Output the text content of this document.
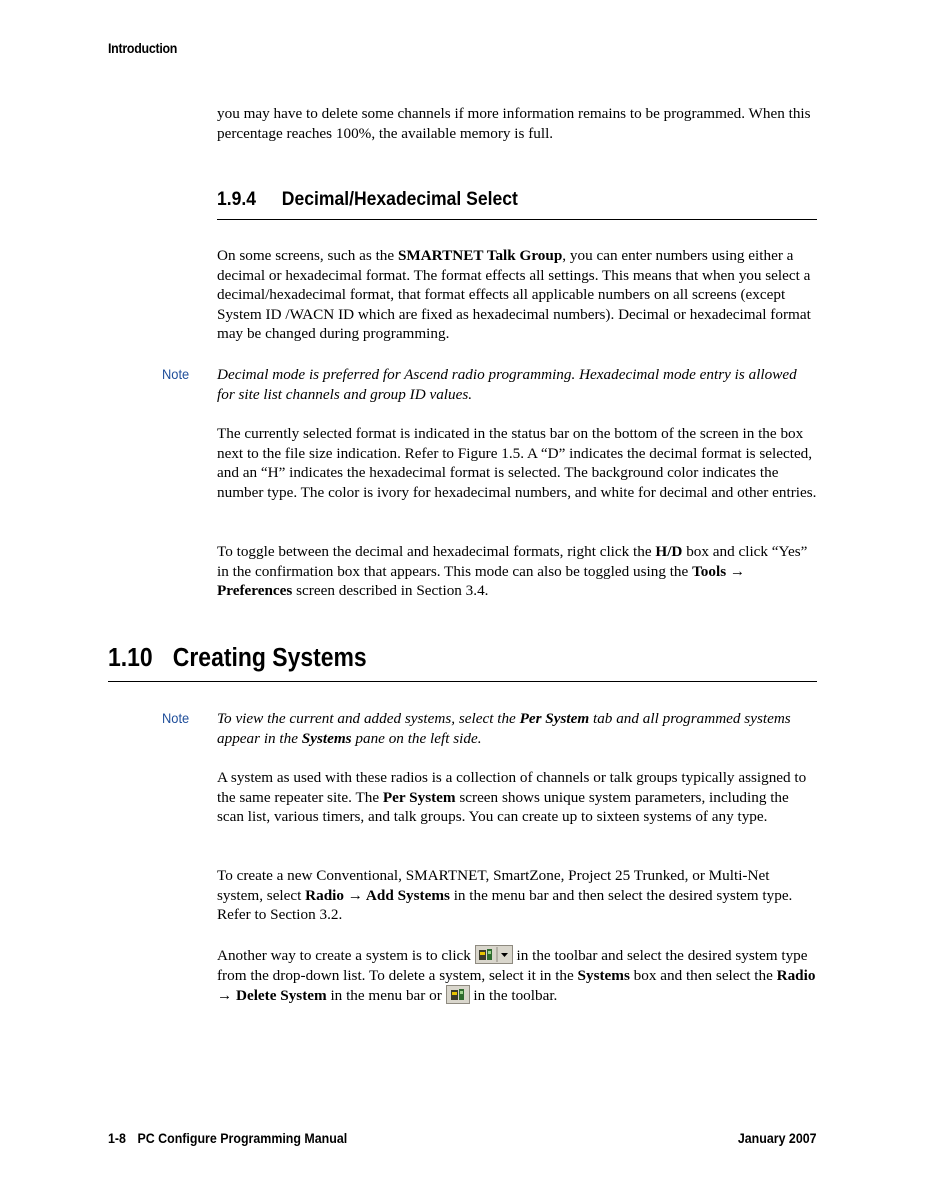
Introduction
you may have to delete some channels if more information remains to be programmed. When this percentage reaches 100%, the available memory is full.
1.9.4 Decimal/Hexadecimal Select
On some screens, such as the SMARTNET Talk Group, you can enter numbers using either a decimal or hexadecimal format. The format effects all settings. This means that when you select a decimal/hexadecimal format, that format effects all applicable numbers on all screens (except System ID /WACN ID which are fixed as hexadecimal numbers). Decimal or hexadecimal format may be changed during programming.
Note Decimal mode is preferred for Ascend radio programming. Hexadecimal mode entry is allowed for site list channels and group ID values.
The currently selected format is indicated in the status bar on the bottom of the screen in the box next to the file size indication. Refer to Figure 1.5. A “D” indicates the decimal format is selected, and an “H” indicates the hexadecimal format is selected. The background color indicates the number type. The color is ivory for hexadecimal numbers, and white for decimal and other entries.
To toggle between the decimal and hexadecimal formats, right click the H/D box and click “Yes” in the confirmation box that appears. This mode can also be toggled using the Tools → Preferences screen described in Section 3.4.
1.10 Creating Systems
Note To view the current and added systems, select the Per System tab and all programmed systems appear in the Systems pane on the left side.
A system as used with these radios is a collection of channels or talk groups typically assigned to the same repeater site. The Per System screen shows unique system parameters, including the scan list, various timers, and talk groups. You can create up to sixteen systems of any type.
To create a new Conventional, SMARTNET, SmartZone, Project 25 Trunked, or Multi-Net system, select Radio → Add Systems in the menu bar and then select the desired system type. Refer to Section 3.2.
Another way to create a system is to click	in the toolbar and select the desired system type from the drop-down list. To delete a system, select it in the Systems box and then select the Radio → Delete System in the menu bar or
in the toolbar.
1-8 PC Configure Programming Manual	January 2007
